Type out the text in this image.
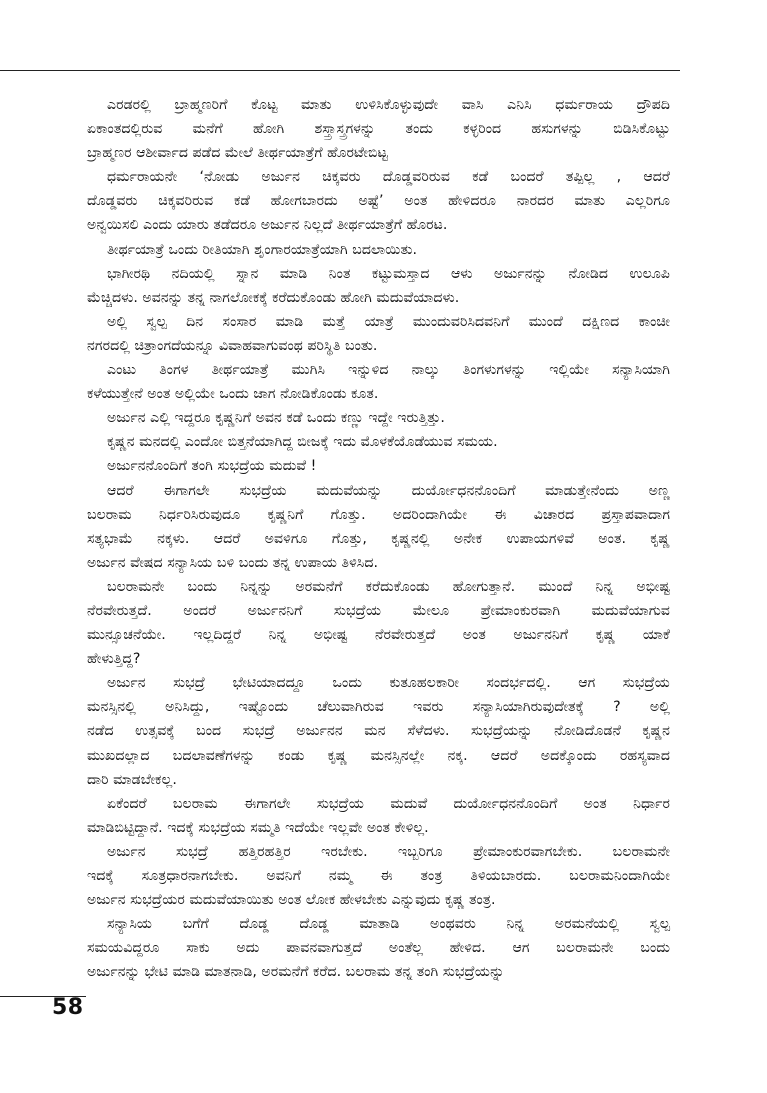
ಎರಡರಲ್ಲಿ ಬ್ರಾಹ್ಮಣರಿಗೆ ಕೊಟ್ಟ ಮಾತು ಉಳಿಸಿಕೊಳ್ಳುವುದೇ ವಾಸಿ ಎನಿಸಿ ಧರ್ಮರಾಯ ದ್ರೌಪದಿ
ಏಕಾಂತದಲ್ಲಿರುವ ಮನೆಗೆ ಹೋಗಿ ಶಸ್ತ್ರಾಸ್ತ್ರಗಳನ್ನು ತಂದು ಕಳ್ಳರಿಂದ ಹಸುಗಳನ್ನು ಬಿಡಿಸಿಕೊಟ್ಟು
ಬ್ರಾಹ್ಮಣರ ಆಶೀರ್ವಾದ ಪಡೆದ ಮೇಲೆ ತೀರ್ಥಯಾತ್ರೆಗೆ ಹೊರಟೇಬಿಟ್ಟ
ಧರ್ಮರಾಯನೇ ‘ನೋಡು ಅರ್ಜುನ ಚಿಕ್ಕವರು ದೊಡ್ಡವರಿರುವ ಕಡೆ ಬಂದರೆ ತಪ್ಪಿಲ್ಲ , ಆದರೆ
ದೊಡ್ಡವರು ಚಿಕ್ಕವರಿರುವ ಕಡೆ ಹೋಗಬಾರದು ಅಷ್ಟೆ’ ಅಂತ ಹೇಳಿದರೂ ನಾರದರ ಮಾತು ಎಲ್ಲರಿಗೂ
ಅನ್ವಯಿಸಲಿ ಎಂದು ಯಾರು ತಡೆದರೂ ಅರ್ಜುನ ನಿಲ್ಲದೆ ತೀರ್ಥಯಾತ್ರೆಗೆ ಹೊರಟ.
ತೀರ್ಥಯಾತ್ರೆ ಒಂದು ರೀತಿಯಾಗಿ ಶೃಂಗಾರಯಾತ್ರೆಯಾಗಿ ಬದಲಾಯಿತು.
ಭಾಗೀರಥಿ ನದಿಯಲ್ಲಿ ಸ್ನಾನ ಮಾಡಿ ನಿಂತ ಕಟ್ಟುಮಸ್ತಾದ ಆಳು ಅರ್ಜುನನ್ನು ನೋಡಿದ ಉಲೂಪಿ
ಮೆಚ್ಚಿದಳು. ಅವನನ್ನು ತನ್ನ ನಾಗಲೋಕಕ್ಕೆ ಕರೆದುಕೊಂಡು ಹೋಗಿ ಮದುವೆಯಾದಳು.
ಅಲ್ಲಿ ಸ್ವಲ್ಪ ದಿನ ಸಂಸಾರ ಮಾಡಿ ಮತ್ತೆ ಯಾತ್ರೆ ಮುಂದುವರಿಸಿದವನಿಗೆ ಮುಂದೆ ದಕ್ಷಿಣದ ಕಾಂಚೀ
ನಗರದಲ್ಲಿ ಚಿತ್ರಾಂಗದೆಯನ್ನೂ ವಿವಾಹವಾಗುವಂಥ ಪರಿಸ್ಥಿತಿ ಬಂತು.
ಎಂಟು ತಿಂಗಳ ತೀರ್ಥಯಾತ್ರೆ ಮುಗಿಸಿ ಇನ್ನುಳಿದ ನಾಲ್ಕು ತಿಂಗಳುಗಳನ್ನು ಇಲ್ಲಿಯೇ ಸನ್ಯಾಸಿಯಾಗಿ
ಕಳೆಯುತ್ತೇನೆ ಅಂತ ಅಲ್ಲಿಯೇ ಒಂದು ಜಾಗ ನೋಡಿಕೊಂಡು ಕೂತ.
ಅರ್ಜುನ ಎಲ್ಲಿ ಇದ್ದರೂ ಕೃಷ್ಣನಿಗೆ ಅವನ ಕಡೆ ಒಂದು ಕಣ್ಣು ಇದ್ದೇ ಇರುತ್ತಿತ್ತು.
ಕೃಷ್ಣನ ಮನದಲ್ಲಿ ಎಂದೋ ಬಿತ್ತನೆಯಾಗಿದ್ದ ಬೀಜಕ್ಕೆ ಇದು ಮೊಳಕೆಯೊಡೆಯುವ ಸಮಯ.
ಅರ್ಜುನನೊಂದಿಗೆ ತಂಗಿ ಸುಭದ್ರೆಯ ಮದುವೆ !
ಆದರೆ ಈಗಾಗಲೇ ಸುಭದ್ರೆಯ ಮದುವೆಯನ್ನು ದುರ್ಯೋಧನನೊಂದಿಗೆ ಮಾಡುತ್ತೇನೆಂದು ಅಣ್ಣ
ಬಲರಾಮ ನಿರ್ಧರಿಸಿರುವುದೂ ಕೃಷ್ಣನಿಗೆ ಗೊತ್ತು. ಅದರಿಂದಾಗಿಯೇ ಈ ವಿಚಾರದ ಪ್ರಸ್ತಾಪವಾದಾಗ
ಸತ್ಯಭಾಮೆ ನಕ್ಕಳು. ಆದರೆ ಅವಳಿಗೂ ಗೊತ್ತು, ಕೃಷ್ಣನಲ್ಲಿ ಅನೇಕ ಉಪಾಯಗಳಿವೆ ಅಂತ. ಕೃಷ್ಣ
ಅರ್ಜುನ ವೇಷದ ಸನ್ಯಾಸಿಯ ಬಳಿ ಬಂದು ತನ್ನ ಉಪಾಯ ತಿಳಿಸಿದ.
ಬಲರಾಮನೇ ಬಂದು ನಿನ್ನನ್ನು ಅರಮನೆಗೆ ಕರೆದುಕೊಂಡು ಹೋಗುತ್ತಾನೆ. ಮುಂದೆ ನಿನ್ನ ಅಭೀಷ್ಟ
ನೆರವೇರುತ್ತದೆ. ಅಂದರೆ ಅರ್ಜುನನಿಗೆ ಸುಭದ್ರೆಯ ಮೇಲೂ ಪ್ರೇಮಾಂಕುರವಾಗಿ ಮದುವೆಯಾಗುವ
ಮುನ್ಸೂಚನೆಯೇ. ಇಲ್ಲದಿದ್ದರೆ ನಿನ್ನ ಅಭೀಷ್ಟ ನೆರವೇರುತ್ತದೆ ಅಂತ ಅರ್ಜುನನಿಗೆ ಕೃಷ್ಣ ಯಾಕೆ
ಹೇಳುತ್ತಿದ್ದ?
ಅರ್ಜುನ ಸುಭದ್ರೆ ಭೇಟಿಯಾದದ್ದೂ ಒಂದು ಕುತೂಹಲಕಾರೀ ಸಂದರ್ಭದಲ್ಲಿ. ಆಗ ಸುಭದ್ರೆಯ
ಮನಸ್ಸಿನಲ್ಲಿ ಅನಿಸಿದ್ದು, ಇಷ್ಟೊಂದು ಚೆಲುವಾಗಿರುವ ಇವರು ಸನ್ಯಾಸಿಯಾಗಿರುವುದೇತಕ್ಕೆ ? ಅಲ್ಲಿ
ನಡೆದ ಉತ್ಸವಕ್ಕೆ ಬಂದ ಸುಭದ್ರೆ ಅರ್ಜುನನ ಮನ ಸೆಳೆದಳು. ಸುಭದ್ರೆಯನ್ನು ನೋಡಿದೊಡನೆ ಕೃಷ್ಣನ
ಮುಖದಲ್ಲಾದ ಬದಲಾವಣೆಗಳನ್ನು ಕಂಡು ಕೃಷ್ಣ ಮನಸ್ಸಿನಲ್ಲೇ ನಕ್ಕ. ಆದರೆ ಅದಕ್ಕೊಂದು ರಹಸ್ಯವಾದ
ದಾರಿ ಮಾಡಬೇಕಲ್ಲ.
ಏಕೆಂದರೆ ಬಲರಾಮ ಈಗಾಗಲೇ ಸುಭದ್ರೆಯ ಮದುವೆ ದುರ್ಯೋಧನನೊಂದಿಗೆ ಅಂತ ನಿರ್ಧಾರ
ಮಾಡಿಬಿಟ್ಟಿದ್ದಾನೆ. ಇದಕ್ಕೆ ಸುಭದ್ರೆಯ ಸಮ್ಮತಿ ಇದೆಯೇ ಇಲ್ಲವೇ ಅಂತ ಕೇಳಿಲ್ಲ.
ಅರ್ಜುನ ಸುಭದ್ರೆ ಹತ್ತಿರಹತ್ತಿರ ಇರಬೇಕು. ಇಬ್ಬರಿಗೂ ಪ್ರೇಮಾಂಕುರವಾಗಬೇಕು. ಬಲರಾಮನೇ
ಇದಕ್ಕೆ ಸೂತ್ರಧಾರನಾಗಬೇಕು. ಅವನಿಗೆ ನಮ್ಮ ಈ ತಂತ್ರ ತಿಳಿಯಬಾರದು. ಬಲರಾಮನಿಂದಾಗಿಯೇ
ಅರ್ಜುನ ಸುಭದ್ರೆಯರ ಮದುವೆಯಾಯಿತು ಅಂತ ಲೋಕ ಹೇಳಬೇಕು ಎನ್ನುವುದು ಕೃಷ್ಣ ತಂತ್ರ.
ಸನ್ಯಾಸಿಯ ಬಗೆಗೆ ದೊಡ್ಡ ದೊಡ್ಡ ಮಾತಾಡಿ ಅಂಥವರು ನಿನ್ನ ಅರಮನೆಯಲ್ಲಿ ಸ್ವಲ್ಪ
ಸಮಯವಿದ್ದರೂ ಸಾಕು ಅದು ಪಾವನವಾಗುತ್ತದೆ ಅಂತೆಲ್ಲ ಹೇಳಿದ. ಆಗ ಬಲರಾಮನೇ ಬಂದು
ಅರ್ಜುನನ್ನು ಭೇಟಿ ಮಾಡಿ ಮಾತನಾಡಿ, ಅರಮನೆಗೆ ಕರೆದ. ಬಲರಾಮ ತನ್ನ ತಂಗಿ ಸುಭದ್ರೆಯನ್ನು
58
